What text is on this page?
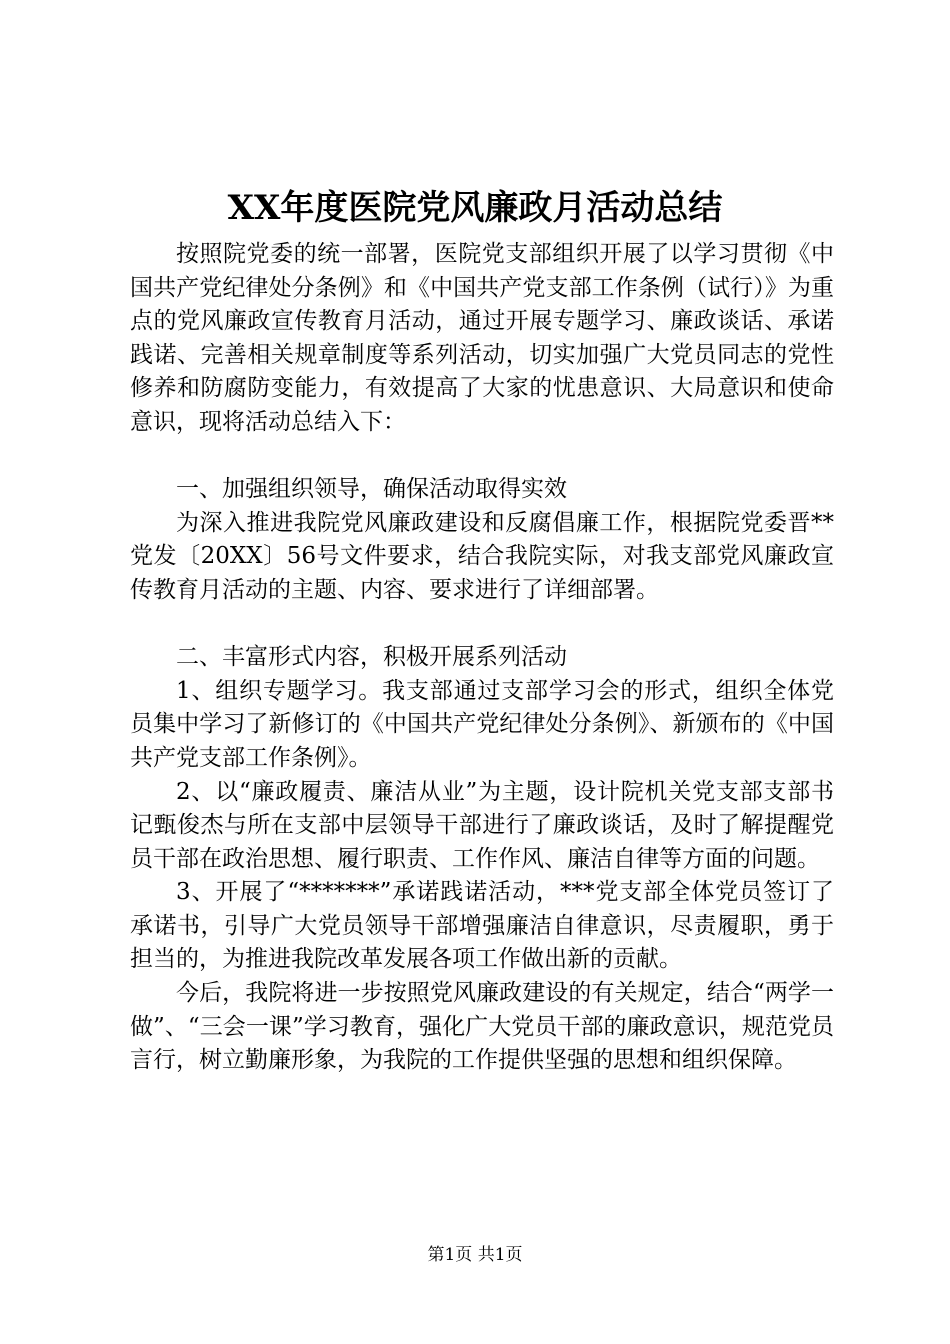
XX年度医院党风廉政月活动总结

按照院党委的统一部署，医院党支部组织开展了以学习贯彻《中国共产党纪律处分条例》和《中国共产党支部工作条例（试行）》为重点的党风廉政宣传教育月活动，通过开展专题学习、廉政谈话、承诺践诺、完善相关规章制度等系列活动，切实加强广大党员同志的党性修养和防腐防变能力，有效提高了大家的忧患意识、大局意识和使命意识，现将活动总结入下：

一、加强组织领导，确保活动取得实效

为深入推进我院党风廉政建设和反腐倡廉工作，根据院党委晋**党发〔20XX〕56号文件要求，结合我院实际，对我支部党风廉政宣传教育月活动的主题、内容、要求进行了详细部署。

二、丰富形式内容，积极开展系列活动

1、组织专题学习。我支部通过支部学习会的形式，组织全体党员集中学习了新修订的《中国共产党纪律处分条例》、新颁布的《中国共产党支部工作条例》。

2、以“廉政履责、廉洁从业”为主题，设计院机关党支部支部书记甄俊杰与所在支部中层领导干部进行了廉政谈话，及时了解提醒党员干部在政治思想、履行职责、工作作风、廉洁自律等方面的问题。

3、开展了“*******”承诺践诺活动，***党支部全体党员签订了承诺书，引导广大党员领导干部增强廉洁自律意识，尽责履职，勇于担当的，为推进我院改革发展各项工作做出新的贡献。

今后，我院将进一步按照党风廉政建设的有关规定，结合“两学一做”、“三会一课”学习教育，强化广大党员干部的廉政意识，规范党员言行，树立勤廉形象，为我院的工作提供坚强的思想和组织保障。

第1页 共1页
